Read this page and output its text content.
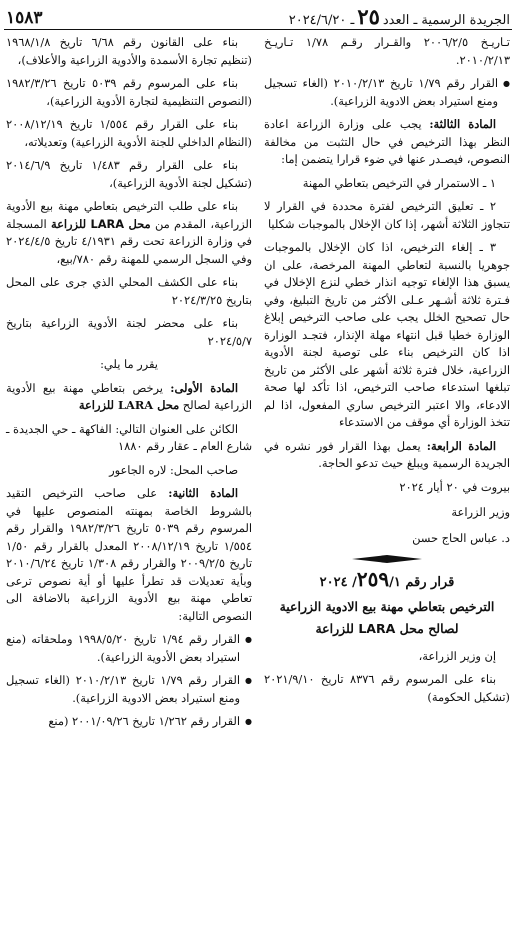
الجريدة الرسمية ـ العدد
٢٥
ـ ٢٠٢٤/٦/٢٠
١٥٨٣

تـاريـخ ٢٠٠٦/٢/٥ والقـرار رقـم ١/٧٨ تـاريـخ ٢٠١٠/٢/١٣.

● القرار رقم ١/٧٩ تاريخ ٢٠١٠/٢/١٣ (الغاء تسجيل ومنع استيراد بعض الادوية الزراعية).

المادة الثالثة: يجب على وزارة الزراعة اعادة النظر بهذا الترخيص في حال التثبت من مخالفة النصوص، فيصـدر عنها في ضوء قرارا يتضمن إما:

١ ـ الاستمرار في الترخيص بتعاطي المهنة

٢ ـ تعليق الترخيص لفترة محددة في القرار لا تتجاوز الثلاثة أشهر، إذا كان الإخلال بالموجبات شكليا

٣ ـ إلغاء الترخيص، اذا كان الإخلال بالموجبات جوهريا بالنسبة لتعاطي المهنة المرخصة، على ان يسبق هذا الإلغاء توجيه انذار خطي لنزع الإخلال في فـترة ثلاثة أشـهر عـلى الأكثر من تاريخ التبليغ، وفي حال تصحيح الخلل يجب على صاحب الترخيص إبلاغ الوزارة خطيا قبل انتهاء مهلة الإنذار، فتجـد الوزارة اذا كان الترخيص بناء على توصية لجنة الأدوية الزراعية، خلال فترة ثلاثة أشهر على الأكثر من تاريخ تبلغها استدعاء صاحب الترخيص، اذا تأكد لها صحة الادعاء، والا اعتبر الترخيص ساري المفعول، اذا لم تتخذ الوزارة أي موقف من الاستدعاء

المادة الرابعة: يعمل بهذا القرار فور نشره في الجريدة الرسمية ويبلغ حيث تدعو الحاجة.

بيروت في ٢٠ أيار ٢٠٢٤

وزير الزراعة

د. عباس الحاج حسن

قرار رقم ٢٥٩/١/ ٢٠٢٤
الترخيص بتعاطي مهنة بيع الادوية الزراعية
لصالح محل LARA للزراعة

إن وزير الزراعة،

بناء على المرسوم رقم ٨٣٧٦ تاريخ ٢٠٢١/٩/١٠ (تشكيل الحكومة)

بناء على القانون رقم ٦/٦٨ تاريخ ١٩٦٨/١/٨ (تنظيم تجارة الأسمدة والأدوية الزراعية والأعلاف)،

بناء على المرسوم رقم ٥٠٣٩ تاريخ ١٩٨٢/٣/٢٦ (النصوص التنظيمية لتجارة الأدوية الزراعية)،

بناء على القرار رقم ١/٥٥٤ تاريخ ٢٠٠٨/١٢/١٩ (النظام الداخلي للجنة الأدوية الزراعية) وتعديلاته،

بناء على القرار رقم ١/٤٨٣ تاريخ ٢٠١٤/٦/٩ (تشكيل لجنة الأدوية الزراعية)،

بناء على طلب الترخيص بتعاطي مهنة بيع الأدوية الزراعية، المقدم من محل LARA للزراعة المسجلة في وزارة الزراعة تحت رقم ٤/١٩٣١ تاريخ ٢٠٢٤/٤/٥ وفي السجل الرسمي للمهنة رقم ٧٨٠/بيع،

بناء على الكشف المحلي الذي جرى على المحل بتاريخ ٢٠٢٤/٣/٢٥

بناء على محضر لجنة الأدوية الزراعية بتاريخ ٢٠٢٤/٥/٧

يقرر ما يلي:

المادة الأولى: يرخص بتعاطي مهنة بيع الأدوية الزراعية لصالح محل LARA للزراعة

الكائن على العنوان التالي: الفاكهة ـ حي الجديدة ـ شارع العام ـ عقار رقم ١٨٨٠

صاحب المحل: لاره الجاعور

المادة الثانية: على صاحب الترخيص التقيد بالشروط الخاصة بمهنته المنصوص عليها في المرسوم رقم ٥٠٣٩ تاريخ ١٩٨٢/٣/٢٦ والقرار رقم ١/٥٥٤ تاريخ ٢٠٠٨/١٢/١٩ المعدل بالقرار رقم ١/٥٠ تاريخ ٢٠٠٩/٢/٥ والقرار رقم ١/٣٠٨ تاريخ ٢٠١٠/٦/٢٤ وبأية تعديلات قد تطرأ عليها أو أية نصوص ترعى تعاطي مهنة بيع الأدوية الزراعية بالاضافة الى النصوص التالية:

● القرار رقم ١/٩٤ تاريخ ١٩٩٨/٥/٢٠ وملحقاته (منع استيراد بعض الأدوية الزراعية).

● القرار رقم ١/٧٩ تاريخ ٢٠١٠/٢/١٣ (الغاء تسجيل ومنع استيراد بعض الادوية الزراعية).

● القرار رقم ١/٢٦٢ تاريخ ٢٠٠١/٠٩/٢٦ (منع
